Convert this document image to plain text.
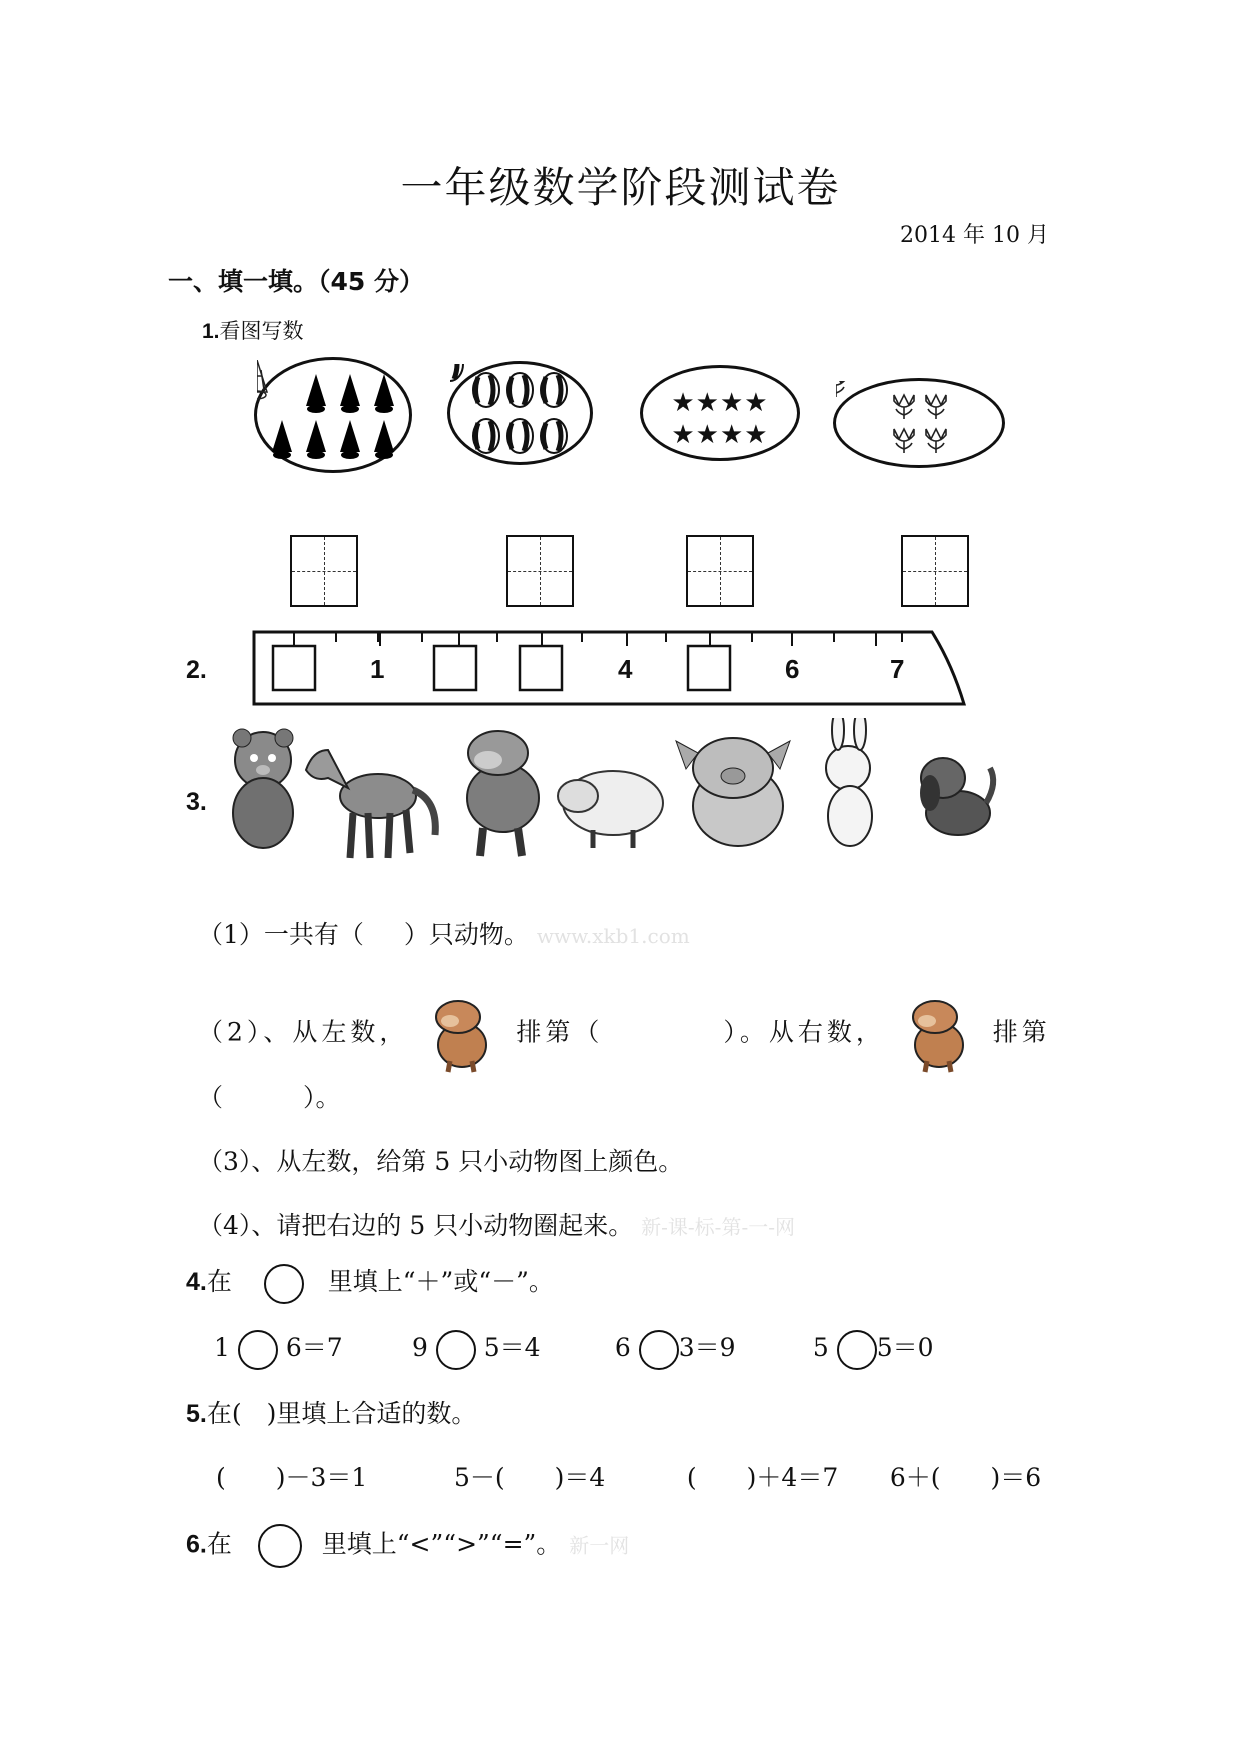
一年级数学阶段测试卷
2014 年 10 月
一、填一填。（45 分）
1.看图写数
★★★★
★★★★
2.	1	4	6	7
3.
（1）一共有（ ）只动物。 www.xkb1.com
（2）、从左数，	排第（	）。从右数，	排第
（	）。
（3）、从左数，给第 5 只小动物图上颜色。
（4）、请把右边的 5 只小动物圈起来。 新-课-标-第-一-网
4.在	里填上“＋”或“－”。
1 6＝7	9 5＝4	6 3＝9	5 5＝0
5.在(　)里填上合适的数。
(　　)－3＝1	5－(　　)＝4	(　　)＋4＝7 6＋(　　)＝6
6.在	里填上“<”“>”“=”。 新一网
